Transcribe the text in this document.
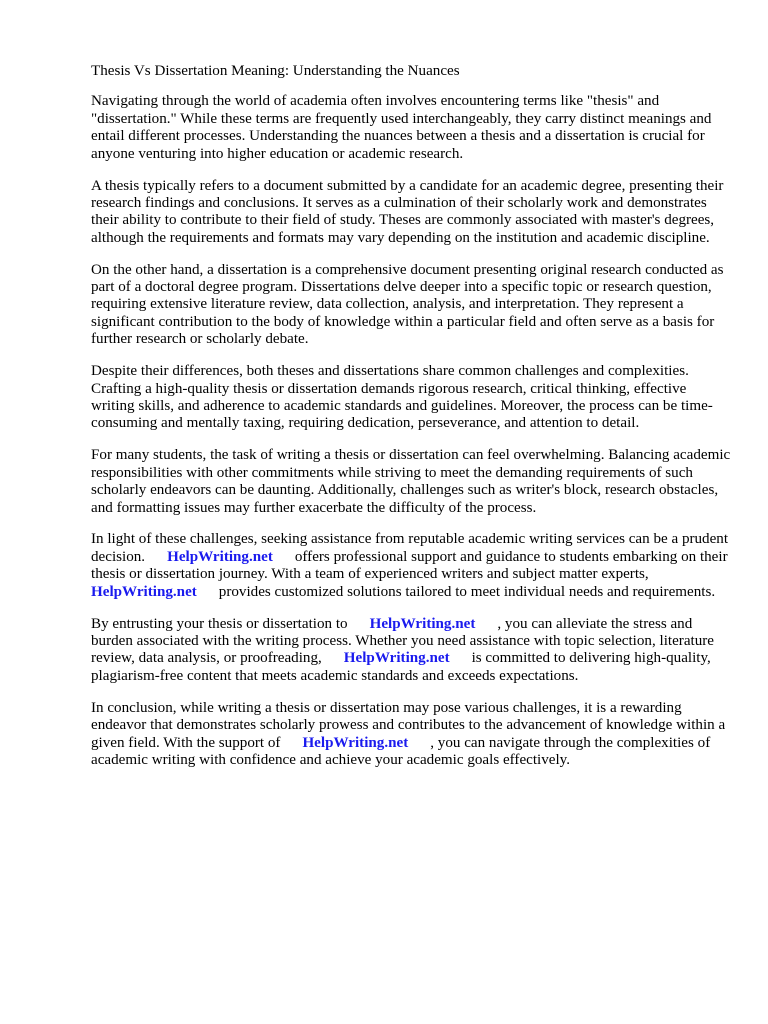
Thesis Vs Dissertation Meaning: Understanding the Nuances

Navigating through the world of academia often involves encountering terms like "thesis" and "dissertation." While these terms are frequently used interchangeably, they carry distinct meanings and entail different processes. Understanding the nuances between a thesis and a dissertation is crucial for anyone venturing into higher education or academic research.

A thesis typically refers to a document submitted by a candidate for an academic degree, presenting their research findings and conclusions. It serves as a culmination of their scholarly work and demonstrates their ability to contribute to their field of study. Theses are commonly associated with master's degrees, although the requirements and formats may vary depending on the institution and academic discipline.

On the other hand, a dissertation is a comprehensive document presenting original research conducted as part of a doctoral degree program. Dissertations delve deeper into a specific topic or research question, requiring extensive literature review, data collection, analysis, and interpretation. They represent a significant contribution to the body of knowledge within a particular field and often serve as a basis for further research or scholarly debate.

Despite their differences, both theses and dissertations share common challenges and complexities. Crafting a high-quality thesis or dissertation demands rigorous research, critical thinking, effective writing skills, and adherence to academic standards and guidelines. Moreover, the process can be time-consuming and mentally taxing, requiring dedication, perseverance, and attention to detail.

For many students, the task of writing a thesis or dissertation can feel overwhelming. Balancing academic responsibilities with other commitments while striving to meet the demanding requirements of such scholarly endeavors can be daunting. Additionally, challenges such as writer's block, research obstacles, and formatting issues may further exacerbate the difficulty of the process.

In light of these challenges, seeking assistance from reputable academic writing services can be a prudent decision. HelpWriting.net offers professional support and guidance to students embarking on their thesis or dissertation journey. With a team of experienced writers and subject matter experts,HelpWriting.net provides customized solutions tailored to meet individual needs and requirements.

By entrusting your thesis or dissertation to HelpWriting.net , you can alleviate the stress and burden associated with the writing process. Whether you need assistance with topic selection, literature review, data analysis, or proofreading, HelpWriting.net is committed to delivering high-quality, plagiarism-free content that meets academic standards and exceeds expectations.

In conclusion, while writing a thesis or dissertation may pose various challenges, it is a rewarding endeavor that demonstrates scholarly prowess and contributes to the advancement of knowledge within a given field. With the support of HelpWriting.net , you can navigate through the complexities of academic writing with confidence and achieve your academic goals effectively.
